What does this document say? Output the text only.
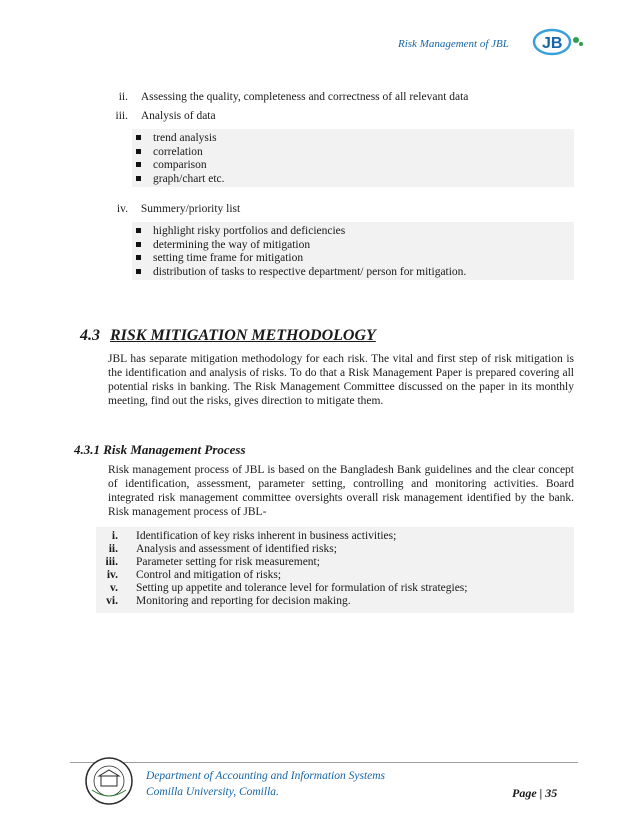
Risk Management of JBL JB
ii. Assessing the quality, completeness and correctness of all relevant data
iii. Analysis of data
trend analysis
correlation
comparison
graph/chart etc.
iv. Summery/priority list
highlight risky portfolios and deficiencies
determining the way of mitigation
setting time frame for mitigation
distribution of tasks to respective department/ person for mitigation.
4.3 RISK MITIGATION METHODOLOGY
JBL has separate mitigation methodology for each risk. The vital and first step of risk mitigation is the identification and analysis of risks. To do that a Risk Management Paper is prepared covering all potential risks in banking. The Risk Management Committee discussed on the paper in its monthly meeting, find out the risks, gives direction to mitigate them.
4.3.1 Risk Management Process
Risk management process of JBL is based on the Bangladesh Bank guidelines and the clear concept of identification, assessment, parameter setting, controlling and monitoring activities. Board integrated risk management committee oversights overall risk management identified by the bank. Risk management process of JBL-
i. Identification of key risks inherent in business activities;
ii. Analysis and assessment of identified risks;
iii. Parameter setting for risk measurement;
iv. Control and mitigation of risks;
v. Setting up appetite and tolerance level for formulation of risk strategies;
vi. Monitoring and reporting for decision making.
Department of Accounting and Information Systems
Comilla University, Comilla.	Page | 35
